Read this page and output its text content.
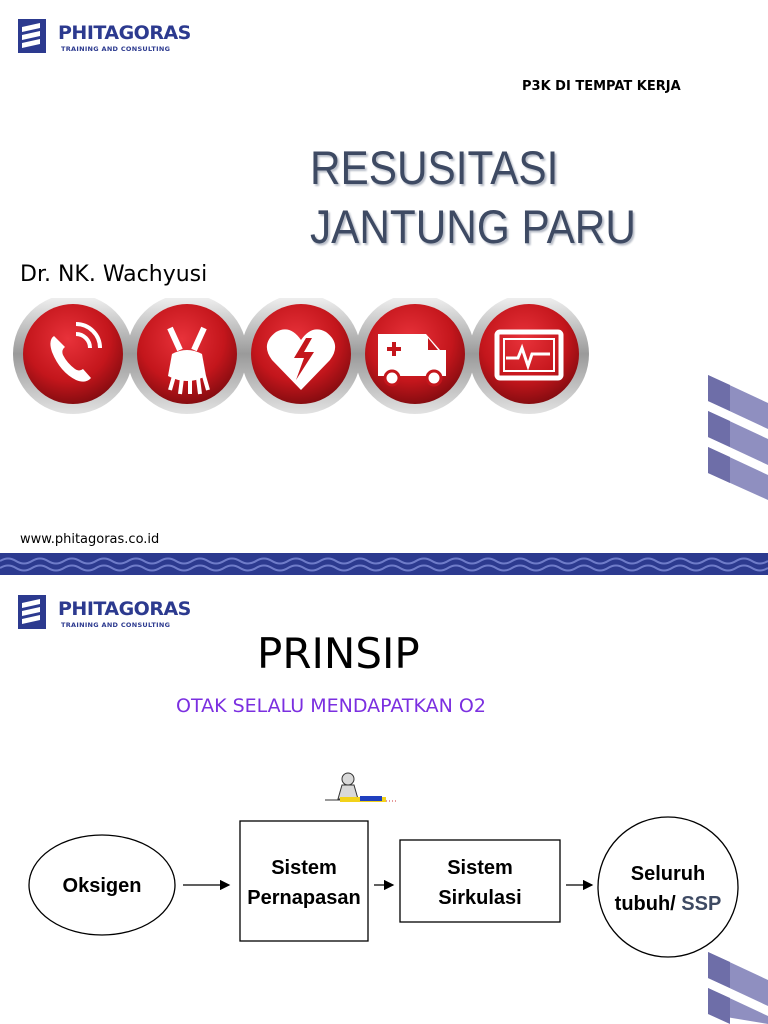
PHITAGORAS
TRAINING AND CONSULTING
P3K DI TEMPAT KERJA
RESUSITASI
JANTUNG PARU
Dr. NK. Wachyusi
www.phitagoras.co.id
PHITAGORAS
TRAINING AND CONSULTING
PRINSIP
OTAK SELALU MENDAPATKAN O2
Oksigen
Sistem
Pernapasan
Sistem
Sirkulasi
Seluruh
tubuh/ SSP
